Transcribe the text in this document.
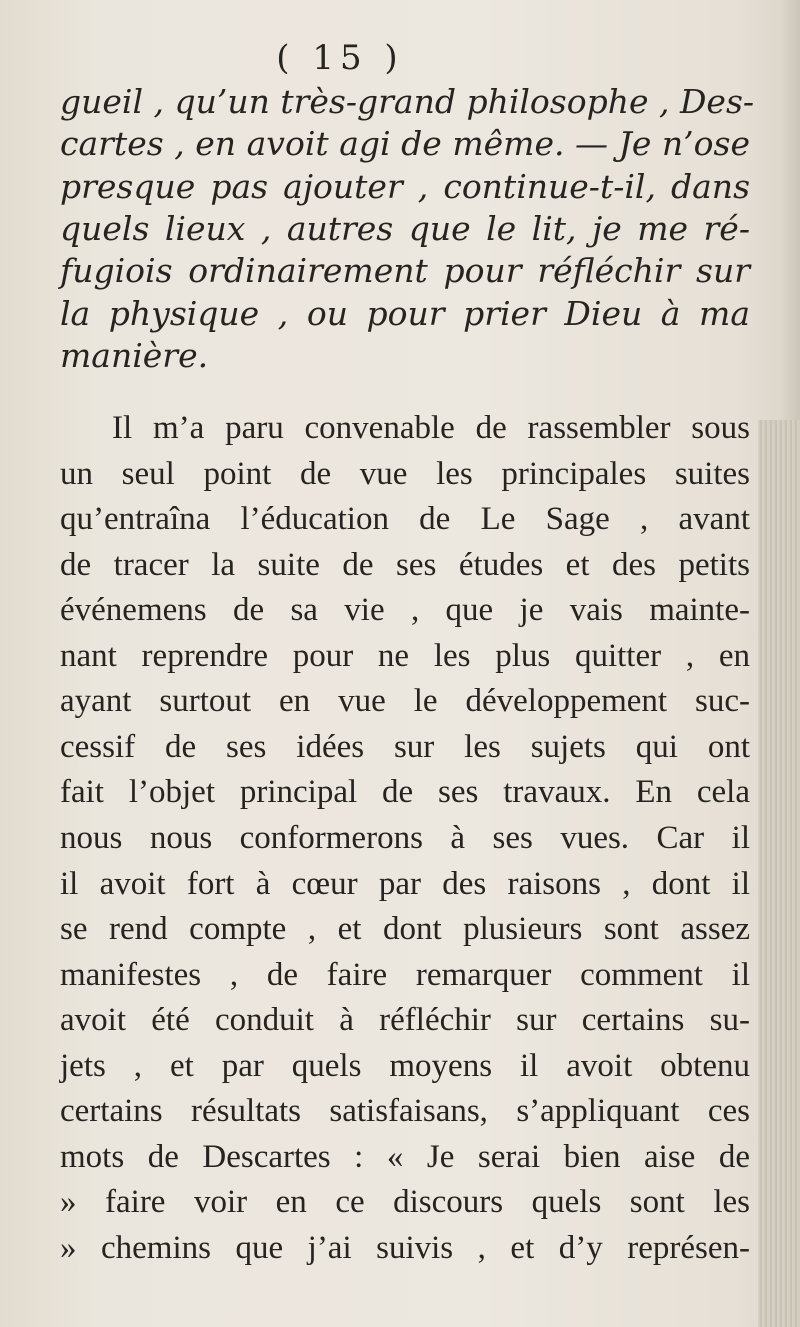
( 15 )
gueil , qu’un très-grand philosophe , Des-
cartes , en avoit agi de même. — Je n’ose
presque pas ajouter , continue-t-il, dans
quels lieux , autres que le lit, je me ré-
fugiois ordinairement pour réfléchir sur
la physique , ou pour prier Dieu à ma
manière.
Il m’a paru convenable de rassembler sous
un seul point de vue les principales suites
qu’entraîna l’éducation de Le Sage , avant
de tracer la suite de ses études et des petits
événemens de sa vie , que je vais mainte-
nant reprendre pour ne les plus quitter , en
ayant surtout en vue le développement suc-
cessif de ses idées sur les sujets qui ont
fait l’objet principal de ses travaux. En cela
nous nous conformerons à ses vues. Car il
il avoit fort à cœur par des raisons , dont il
se rend compte , et dont plusieurs sont assez
manifestes , de faire remarquer comment il
avoit été conduit à réfléchir sur certains su-
jets , et par quels moyens il avoit obtenu
certains résultats satisfaisans, s’appliquant ces
mots de Descartes : « Je serai bien aise de
» faire voir en ce discours quels sont les
» chemins que j’ai suivis , et d’y représen-
